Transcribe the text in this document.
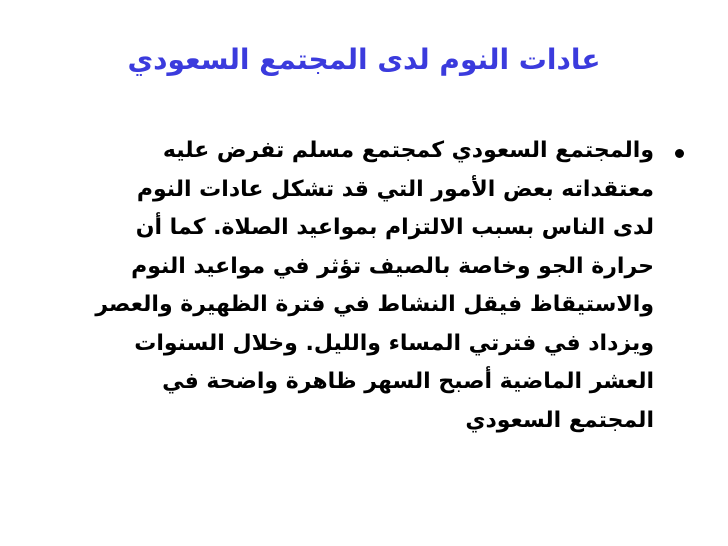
عادات النوم لدى المجتمع السعودي
والمجتمع السعودي كمجتمع مسلم تفرض عليه
معتقداته بعض الأمور التي قد تشكل عادات النوم
لدى الناس بسبب الالتزام بمواعيد الصلاة. كما أن
حرارة الجو وخاصة بالصيف تؤثر في مواعيد النوم
والاستيقاظ فيقل النشاط في فترة الظهيرة والعصر
ويزداد في فترتي المساء والليل. وخلال السنوات
العشر الماضية أصبح السهر ظاهرة واضحة في
المجتمع السعودي
